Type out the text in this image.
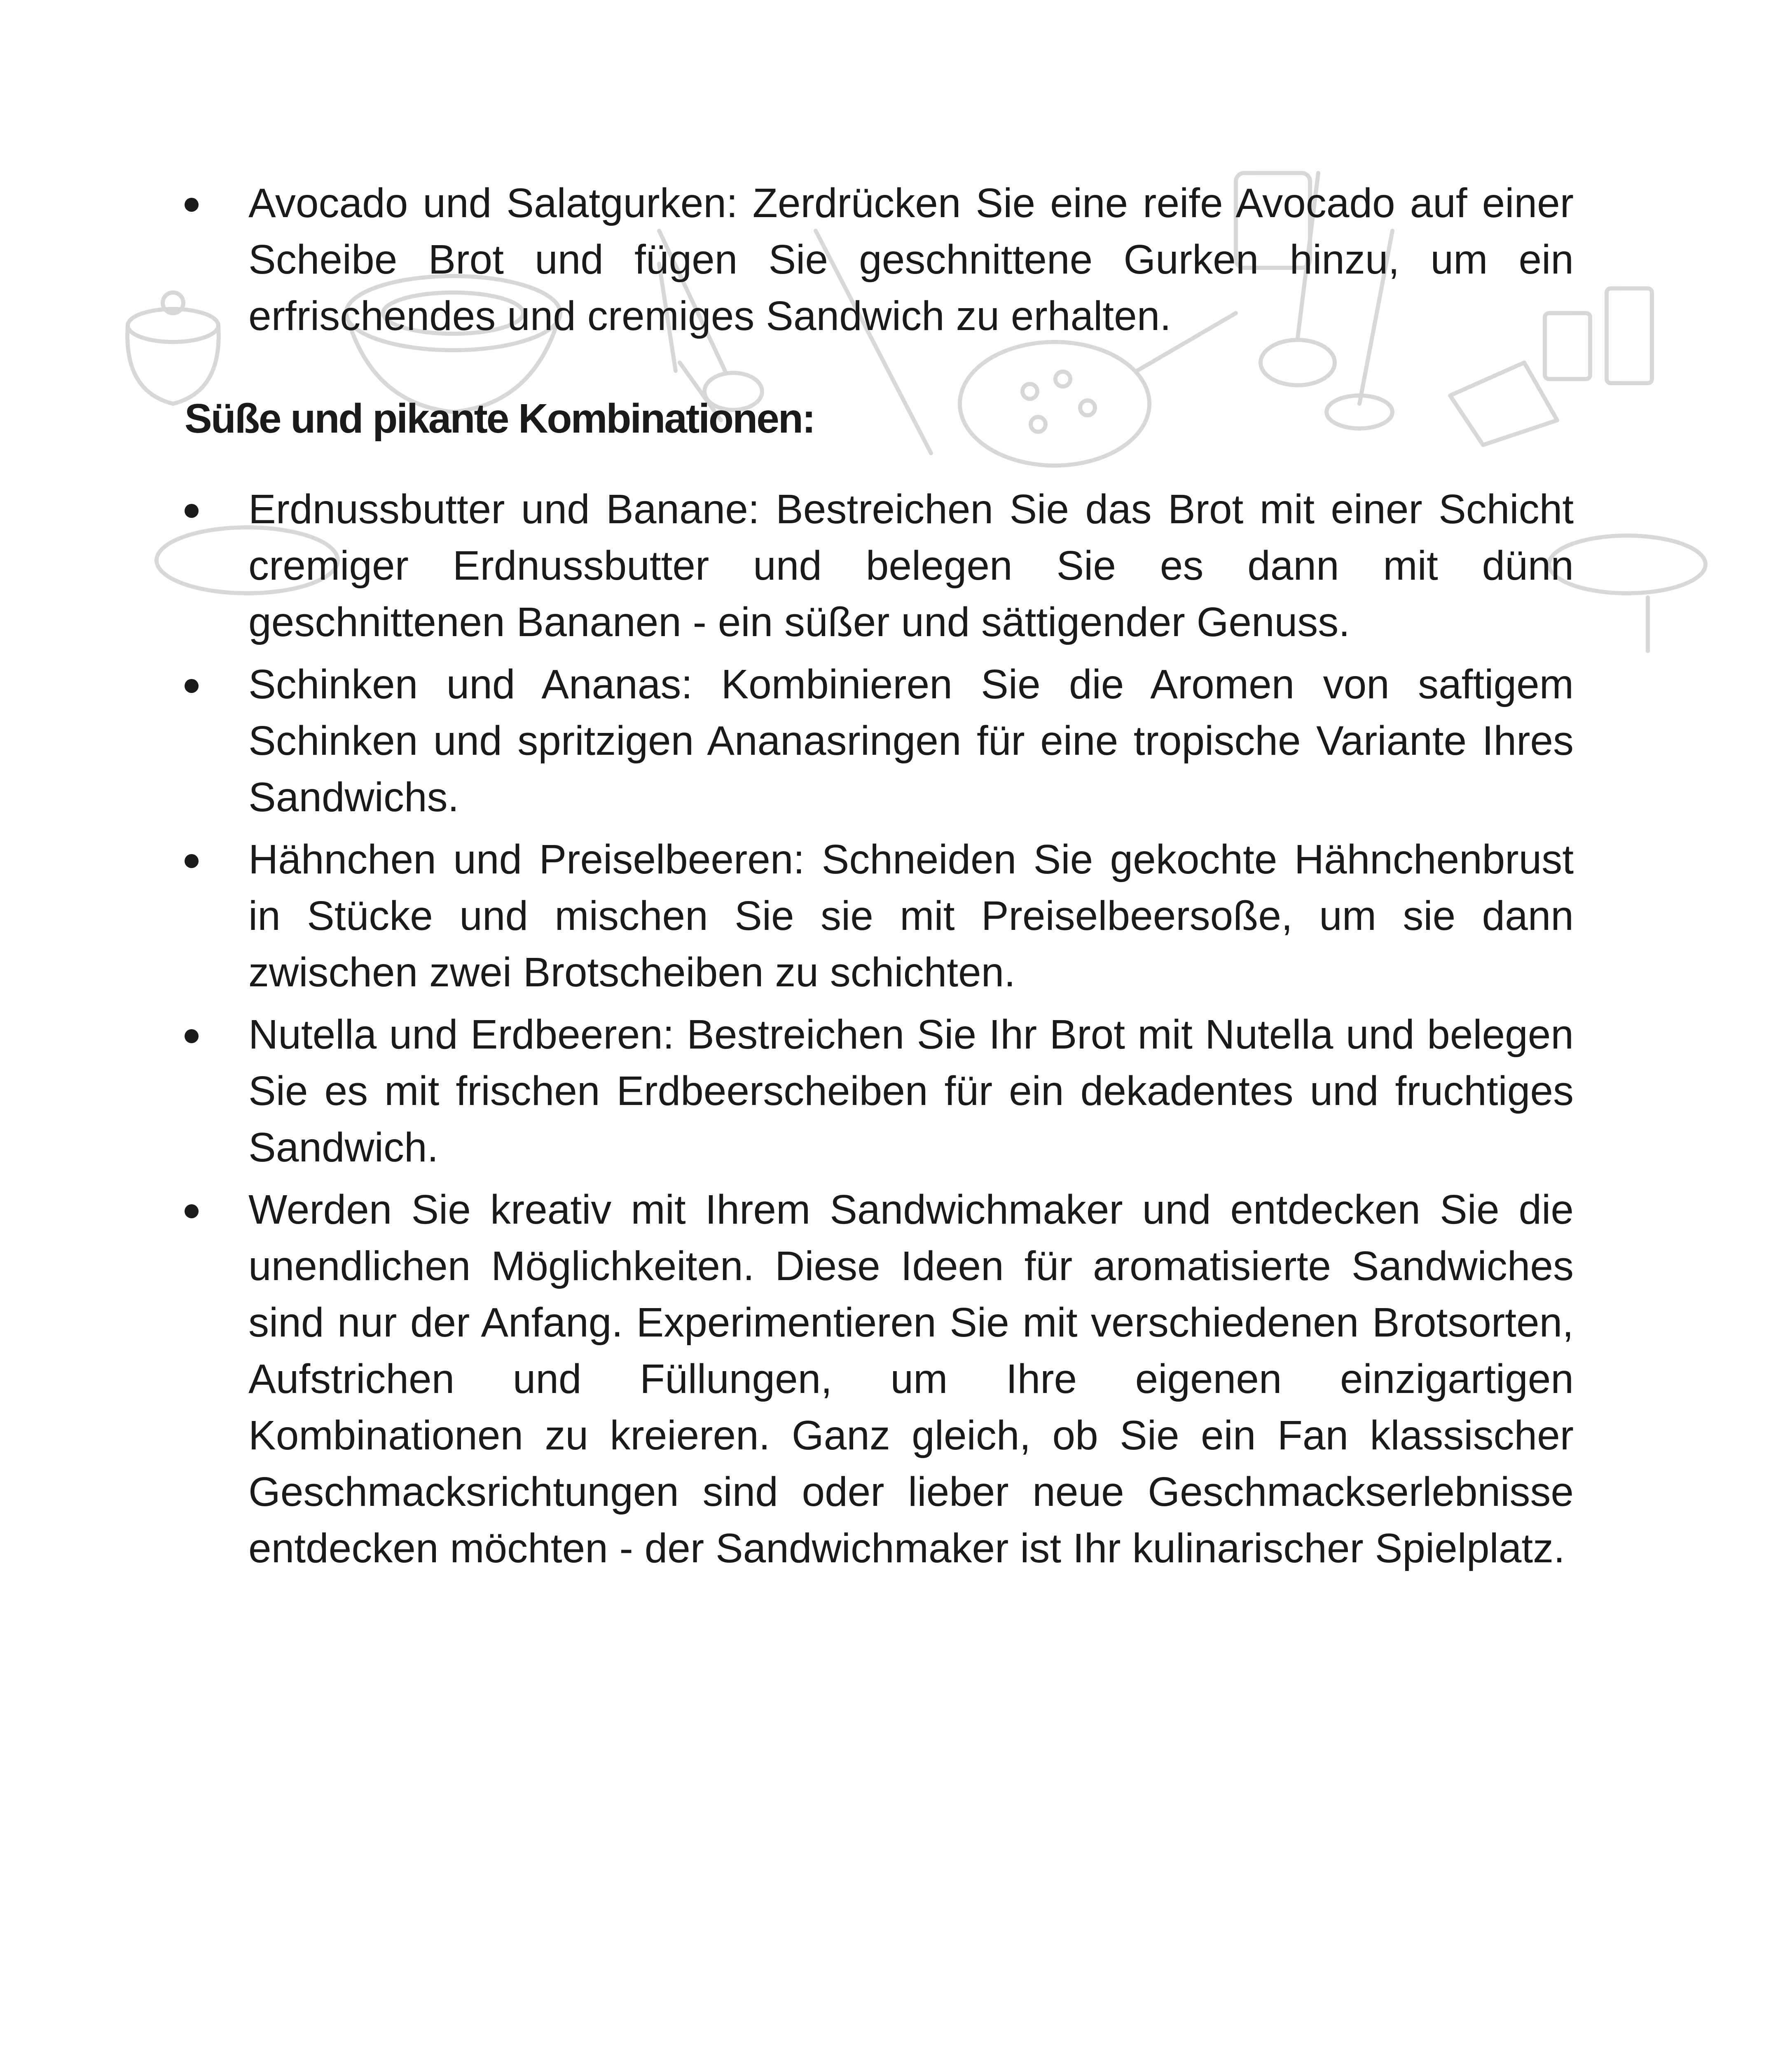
Avocado und Salatgurken: Zerdrücken Sie eine reife Avocado auf einer Scheibe Brot und fügen Sie geschnittene Gurken hinzu, um ein erfrischendes und cremiges Sandwich zu erhalten.
Süße und pikante Kombinationen:
Erdnussbutter und Banane: Bestreichen Sie das Brot mit einer Schicht cremiger Erdnussbutter und belegen Sie es dann mit dünn geschnittenen Bananen - ein süßer und sättigender Genuss.
Schinken und Ananas: Kombinieren Sie die Aromen von saftigem Schinken und spritzigen Ananasringen für eine tropische Variante Ihres Sandwichs.
Hähnchen und Preiselbeeren: Schneiden Sie gekochte Hähnchenbrust in Stücke und mischen Sie sie mit Preiselbeersoße, um sie dann zwischen zwei Brotscheiben zu schichten.
Nutella und Erdbeeren: Bestreichen Sie Ihr Brot mit Nutella und belegen Sie es mit frischen Erdbeerscheiben für ein dekadentes und fruchtiges Sandwich.
Werden Sie kreativ mit Ihrem Sandwichmaker und entdecken Sie die unendlichen Möglichkeiten. Diese Ideen für aromatisierte Sandwiches sind nur der Anfang. Experimentieren Sie mit verschiedenen Brotsorten, Aufstrichen und Füllungen, um Ihre eigenen einzigartigen Kombinationen zu kreieren. Ganz gleich, ob Sie ein Fan klassischer Geschmacksrichtungen sind oder lieber neue Geschmackserlebnisse entdecken möchten - der Sandwichmaker ist Ihr kulinarischer Spielplatz.
